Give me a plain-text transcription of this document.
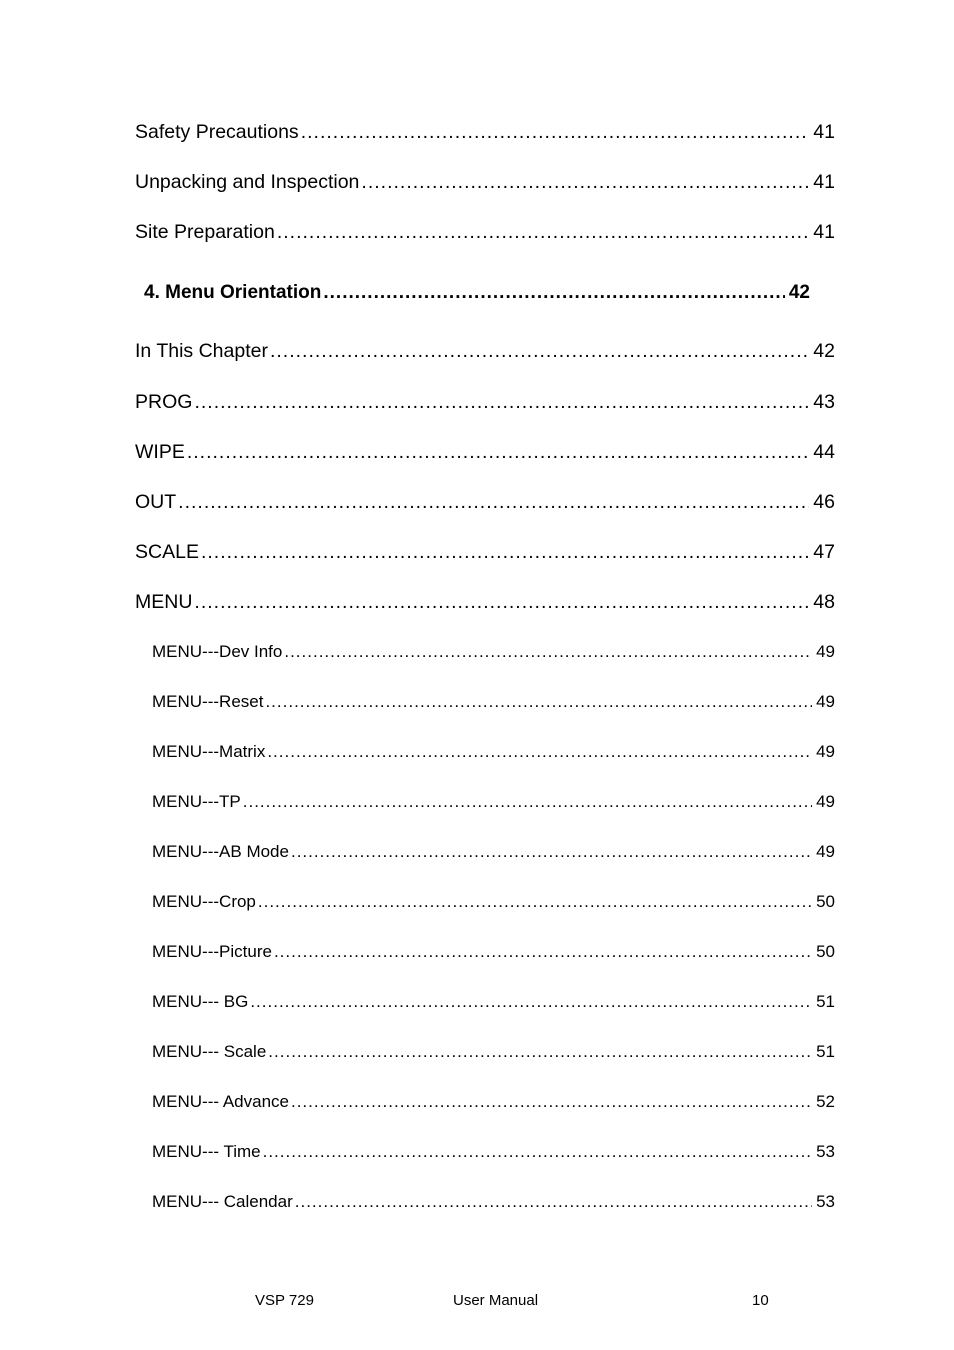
Safety Precautions .....	41
Unpacking and Inspection .....	41
Site Preparation .....	41
4. Menu Orientation .....	42
In This Chapter .....	42
PROG .....	43
WIPE .....	44
OUT .....	46
SCALE .....	47
MENU .....	48
MENU---Dev Info .....	49
MENU---Reset .....	49
MENU---Matrix .....	49
MENU---TP .....	49
MENU---AB Mode .....	49
MENU---Crop .....	50
MENU---Picture .....	50
MENU--- BG .....	51
MENU--- Scale .....	51
MENU--- Advance .....	52
MENU--- Time .....	53
MENU--- Calendar .....	53
VSP 729	User Manual	10
